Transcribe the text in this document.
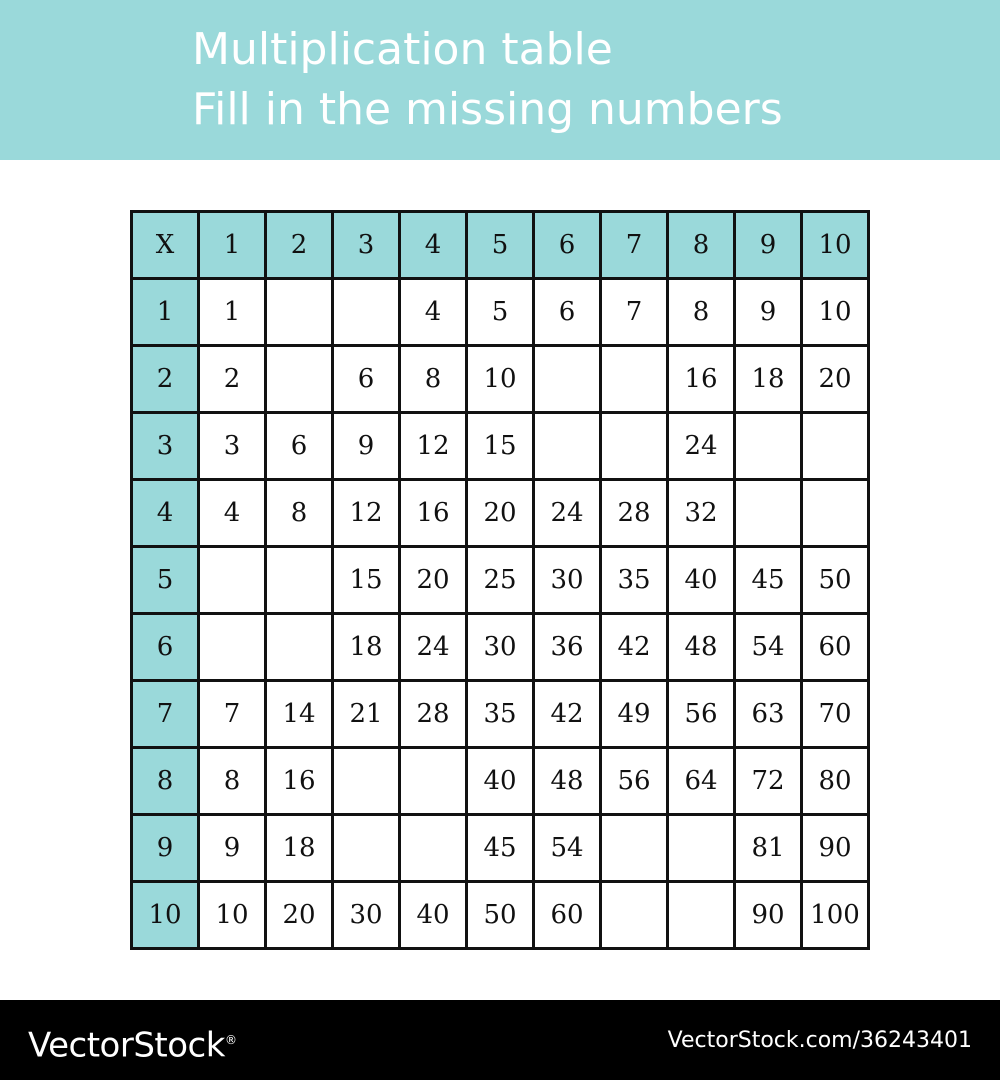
Multiplication table
Fill in the missing numbers
X	1	2	3	4	5	6	7	8	9	10
1	1			4	5	6	7	8	9	10
2	2		6	8	10			16	18	20
3	3	6	9	12	15			24		
4	4	8	12	16	20	24	28	32		
5			15	20	25	30	35	40	45	50
6			18	24	30	36	42	48	54	60
7	7	14	21	28	35	42	49	56	63	70
8	8	16			40	48	56	64	72	80
9	9	18			45	54			81	90
10	10	20	30	40	50	60			90	100
VectorStock®	VectorStock.com/36243401
